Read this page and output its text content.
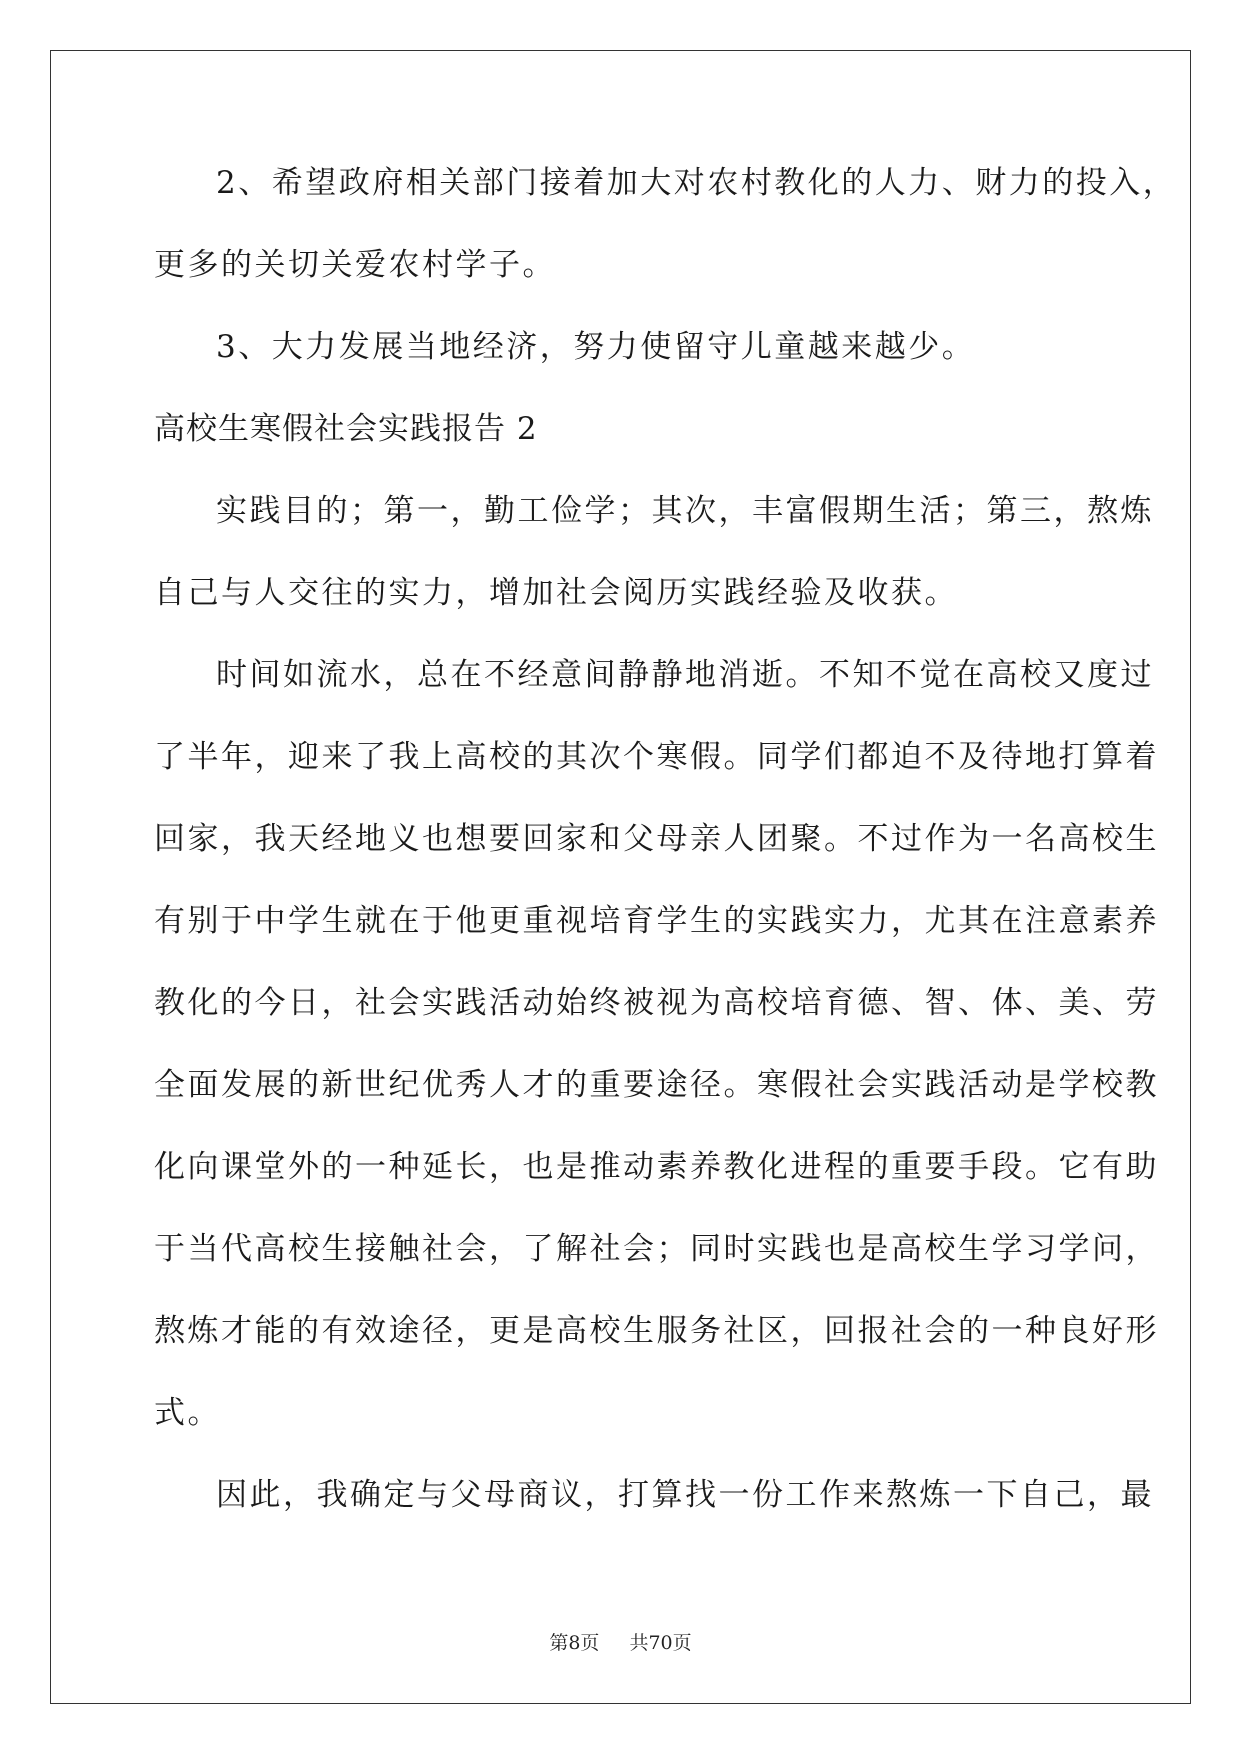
2、希望政府相关部门接着加大对农村教化的人力、财力的投入，
更多的关切关爱农村学子。
3、大力发展当地经济，努力使留守儿童越来越少。
高校生寒假社会实践报告 2
实践目的；第一，勤工俭学；其次，丰富假期生活；第三，熬炼
自己与人交往的实力，增加社会阅历实践经验及收获。
时间如流水，总在不经意间静静地消逝。不知不觉在高校又度过
了半年，迎来了我上高校的其次个寒假。同学们都迫不及待地打算着
回家，我天经地义也想要回家和父母亲人团聚。不过作为一名高校生
有别于中学生就在于他更重视培育学生的实践实力，尤其在注意素养
教化的今日，社会实践活动始终被视为高校培育德、智、体、美、劳
全面发展的新世纪优秀人才的重要途径。寒假社会实践活动是学校教
化向课堂外的一种延长，也是推动素养教化进程的重要手段。它有助
于当代高校生接触社会，了解社会；同时实践也是高校生学习学问，
熬炼才能的有效途径，更是高校生服务社区，回报社会的一种良好形
式。
因此，我确定与父母商议，打算找一份工作来熬炼一下自己，最
第8页 共70页
